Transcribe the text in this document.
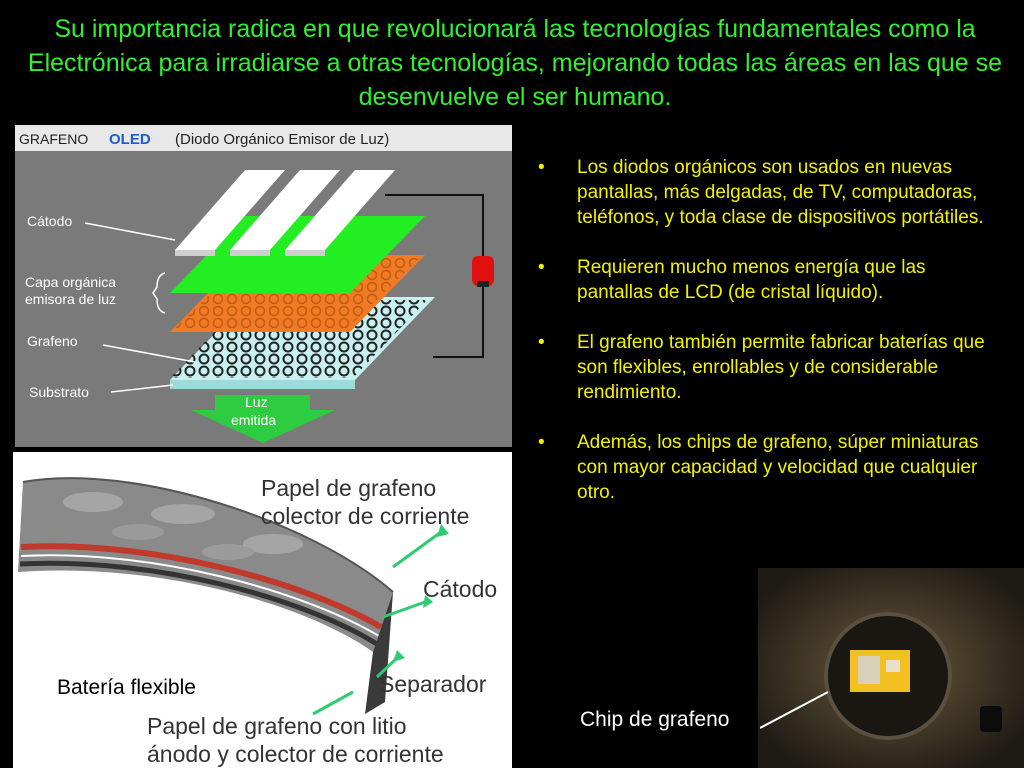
Su importancia radica en que revolucionará las tecnologías fundamentales como la Electrónica para irradiarse a otras tecnologías, mejorando todas las áreas en las que se desenvuelve el ser humano.
• Los diodos orgánicos son usados en nuevas pantallas, más delgadas, de TV, computadoras, teléfonos, y toda clase de dispositivos portátiles.
• Requieren mucho menos energía que las pantallas de LCD (de cristal líquido).
• El grafeno también permite fabricar baterías que son flexibles, enrollables y de considerable rendimiento.
• Además, los chips de grafeno, súper miniaturas con mayor capacidad y velocidad que cualquier otro.
GRAFENO OLED (Diodo Orgánico Emisor de Luz)
Luz
emitida
Cátodo
Capa orgánica
emisora de luz
Grafeno
Substrato
Papel de grafeno
colector de corriente
Cátodo
Separador
Papel de grafeno con litio
ánodo y colector de corriente
Batería flexible
Chip de grafeno
